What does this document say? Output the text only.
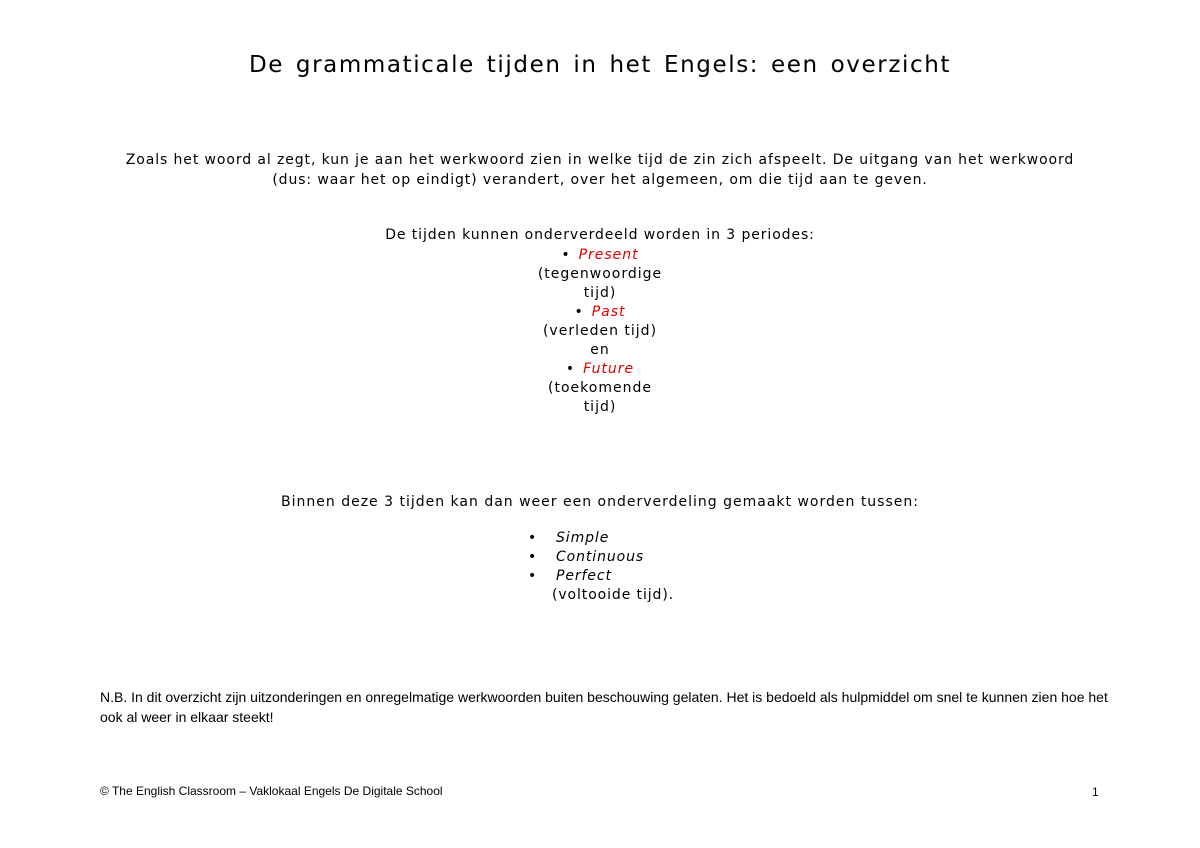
De grammaticale tijden in het Engels: een overzicht

Zoals het woord al zegt, kun je aan het werkwoord zien in welke tijd de zin zich afspeelt. De uitgang van het werkwoord
(dus: waar het op eindigt) verandert, over het algemeen, om die tijd aan te geven.

De tijden kunnen onderverdeeld worden in 3 periodes:

• Present
(tegenwoordige
tijd)
• Past
(verleden tijd)
en
• Future
(toekomende
tijd)

Binnen deze 3 tijden kan dan weer een onderverdeling gemaakt worden tussen:

• Simple
• Continuous
• Perfect
(voltooide tijd).

N.B. In dit overzicht zijn uitzonderingen en onregelmatige werkwoorden buiten beschouwing gelaten. Het is bedoeld als hulpmiddel om snel te kunnen zien hoe het ook al weer in elkaar steekt!

© The English Classroom – Vaklokaal Engels De Digitale School	1
